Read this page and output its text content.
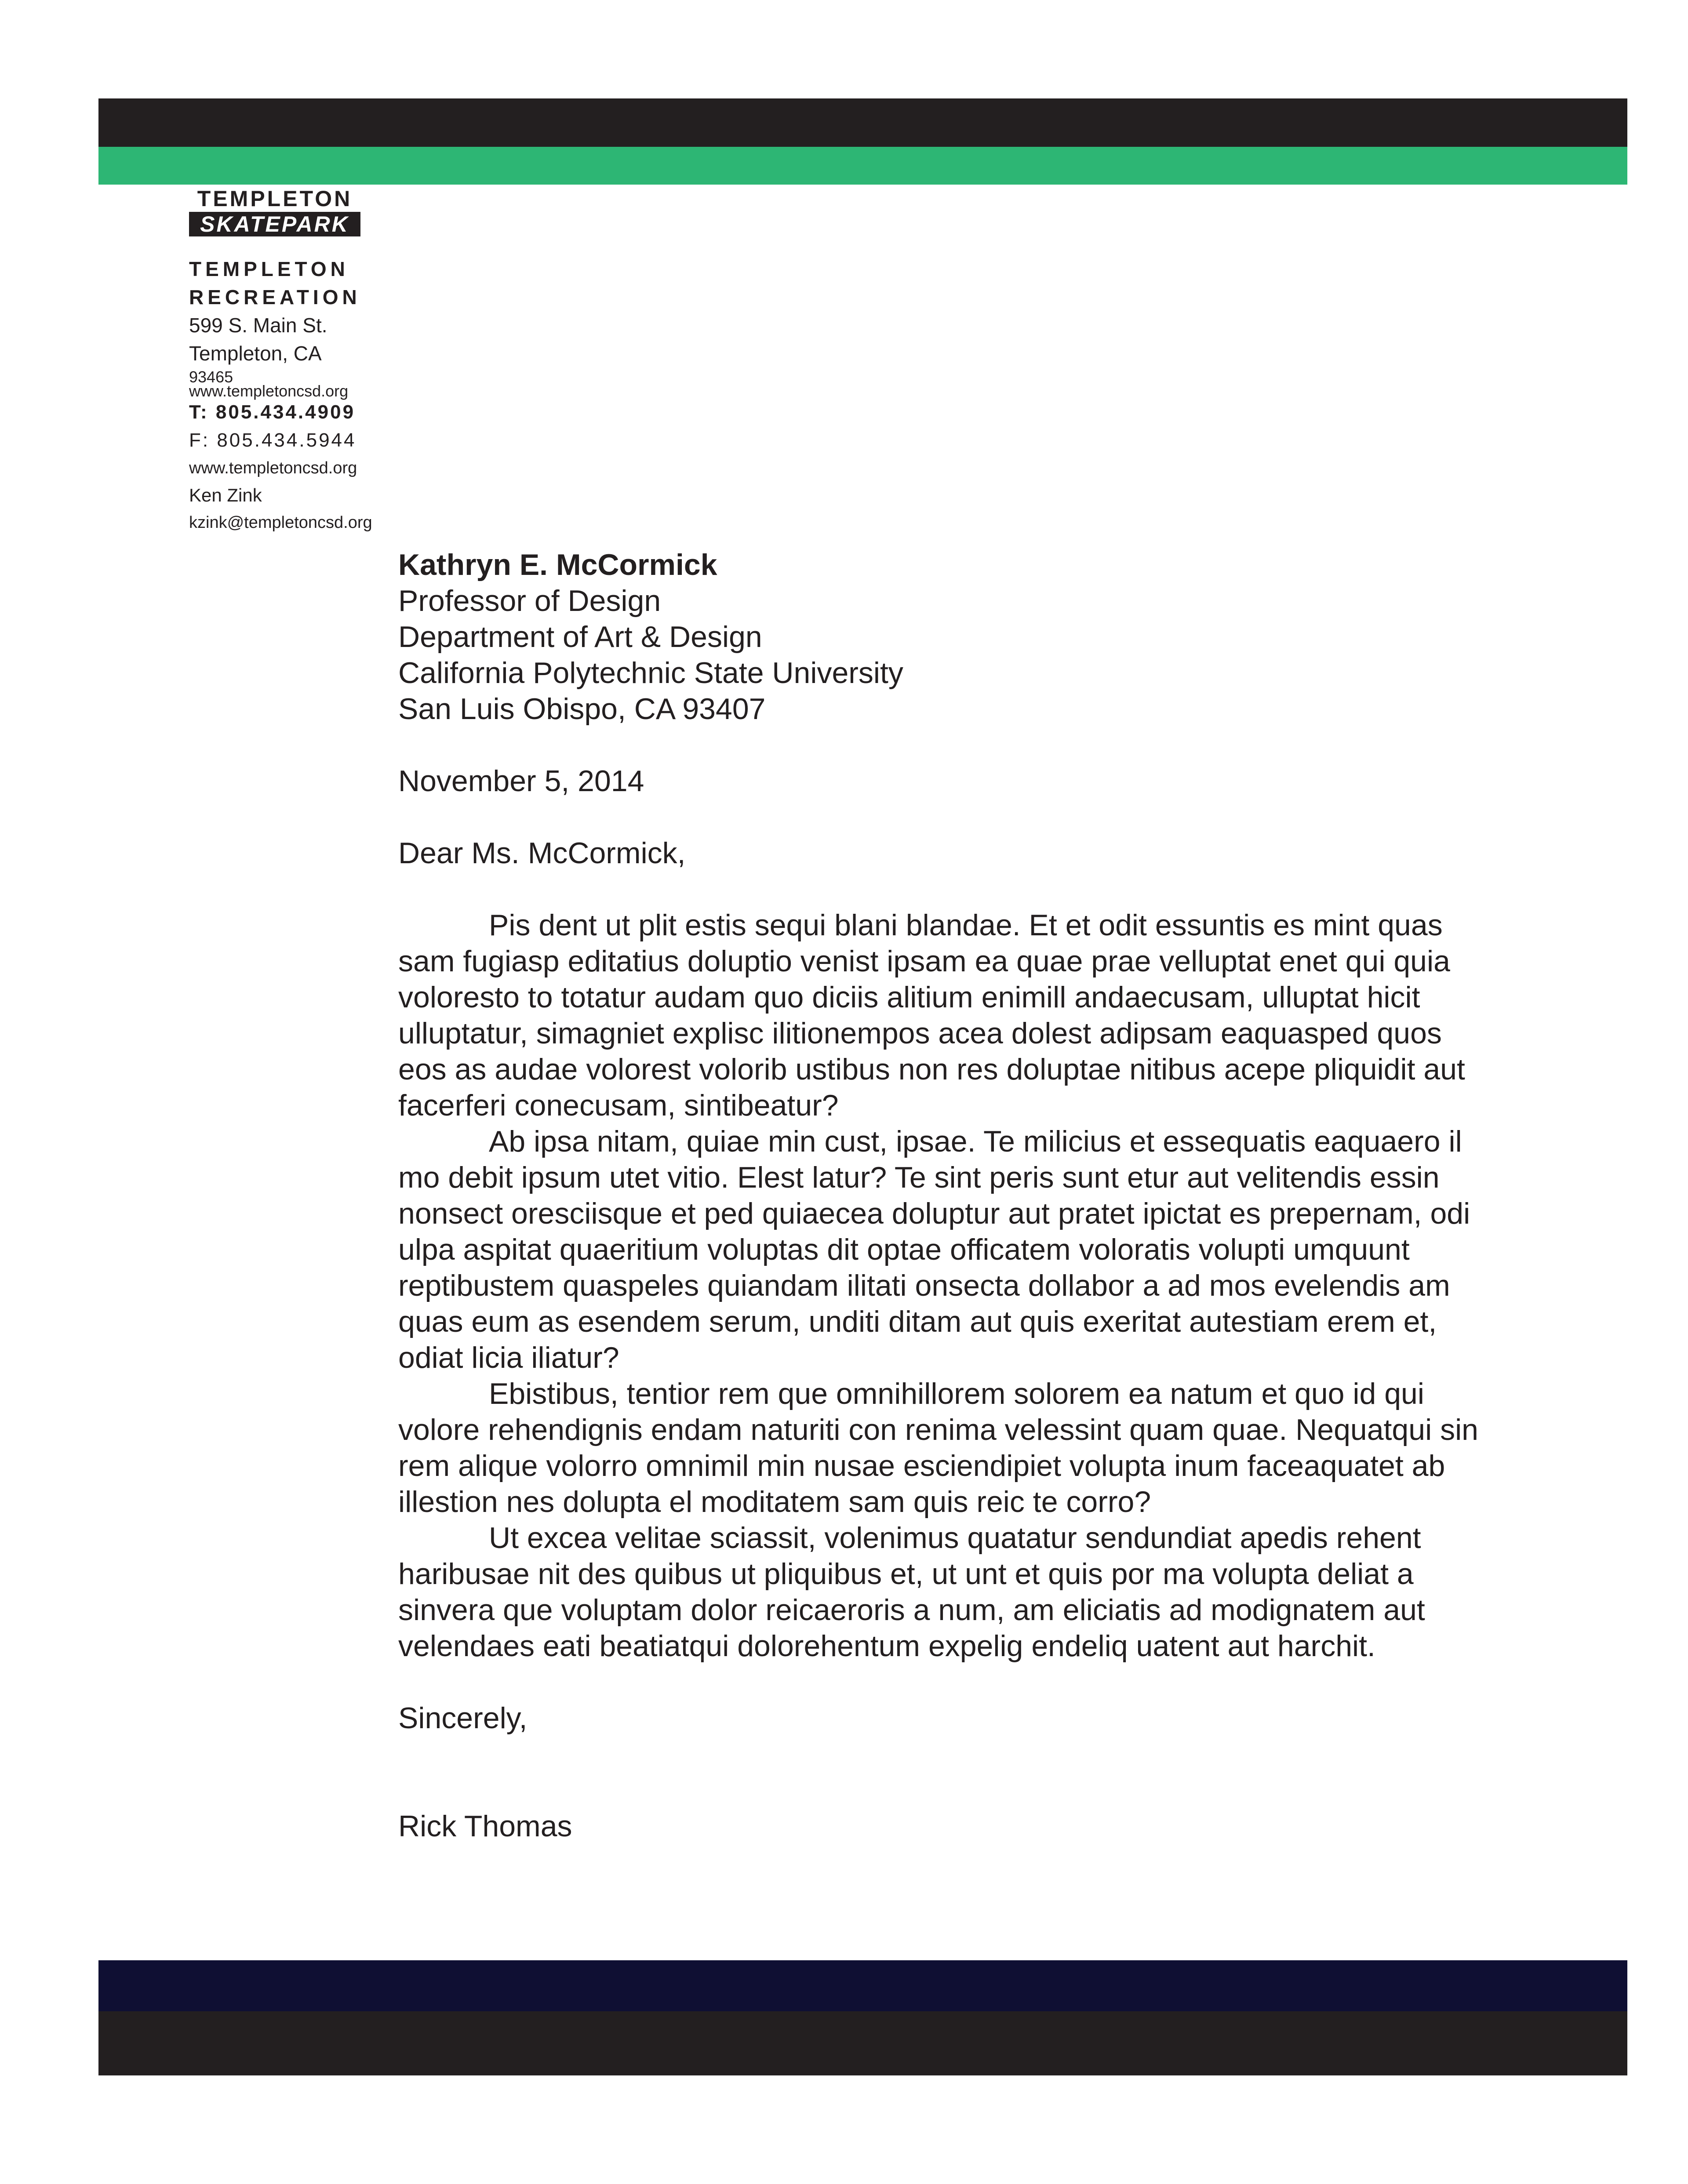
TEMPLETON
SKATEPARK
TEMPLETON
RECREATION
599 S. Main St.
Templeton, CA
93465
www.templetoncsd.org
T: 805.434.4909
F: 805.434.5944
www.templetoncsd.org
Ken Zink
kzink@templetoncsd.org
Kathryn E. McCormick
Professor of Design
Department of Art & Design
California Polytechnic State University
San Luis Obispo, CA 93407
November 5, 2014
Dear Ms. McCormick,

Pis dent ut plit estis sequi blani blandae. Et et odit essuntis es mint quas sam fugiasp editatius doluptio venist ipsam ea quae prae velluptat enet qui quia voloresto to totatur audam quo diciis alitium enimill andaecusam, ulluptat hicit ulluptatur, simagniet explisc ilitionempos acea dolest adipsam eaquasped quos eos as audae volorest volorib ustibus non res doluptae nitibus acepe pliquidit aut facerferi conecusam, sintibeatur?

Ab ipsa nitam, quiae min cust, ipsae. Te milicius et essequatis eaquaero il mo debit ipsum utet vitio. Elest latur? Te sint peris sunt etur aut velitendis essin nonsect oresciisque et ped quiaecea doluptur aut pratet ipictat es prepernam, odi ulpa aspitat quaeritium voluptas dit optae officatem voloratis volupti umquunt reptibustem quaspeles quiandam ilitati onsecta dollabor a ad mos evelendis am quas eum as esendem serum, unditi ditam aut quis exeritat autestiam erem et, odiat licia iliatur?

Ebistibus, tentior rem que omnihillorem solorem ea natum et quo id qui volore rehendignis endam naturiti con renima velessint quam quae. Nequatqui sin rem alique volorro omnimil min nusae esciendipiet volupta inum faceaquatet ab illestion nes dolupta el moditatem sam quis reic te corro?

Ut excea velitae sciassit, volenimus quatatur sendundiat apedis rehent haribusae nit des quibus ut pliquibus et, ut unt et quis por ma volupta deliat a sinvera que voluptam dolor reicaeroris a num, am eliciatis ad modignatem aut velendaes eati beatiatqui dolorehentum expelig endeliq uatent aut harchit.

Sincerely,
Rick Thomas
